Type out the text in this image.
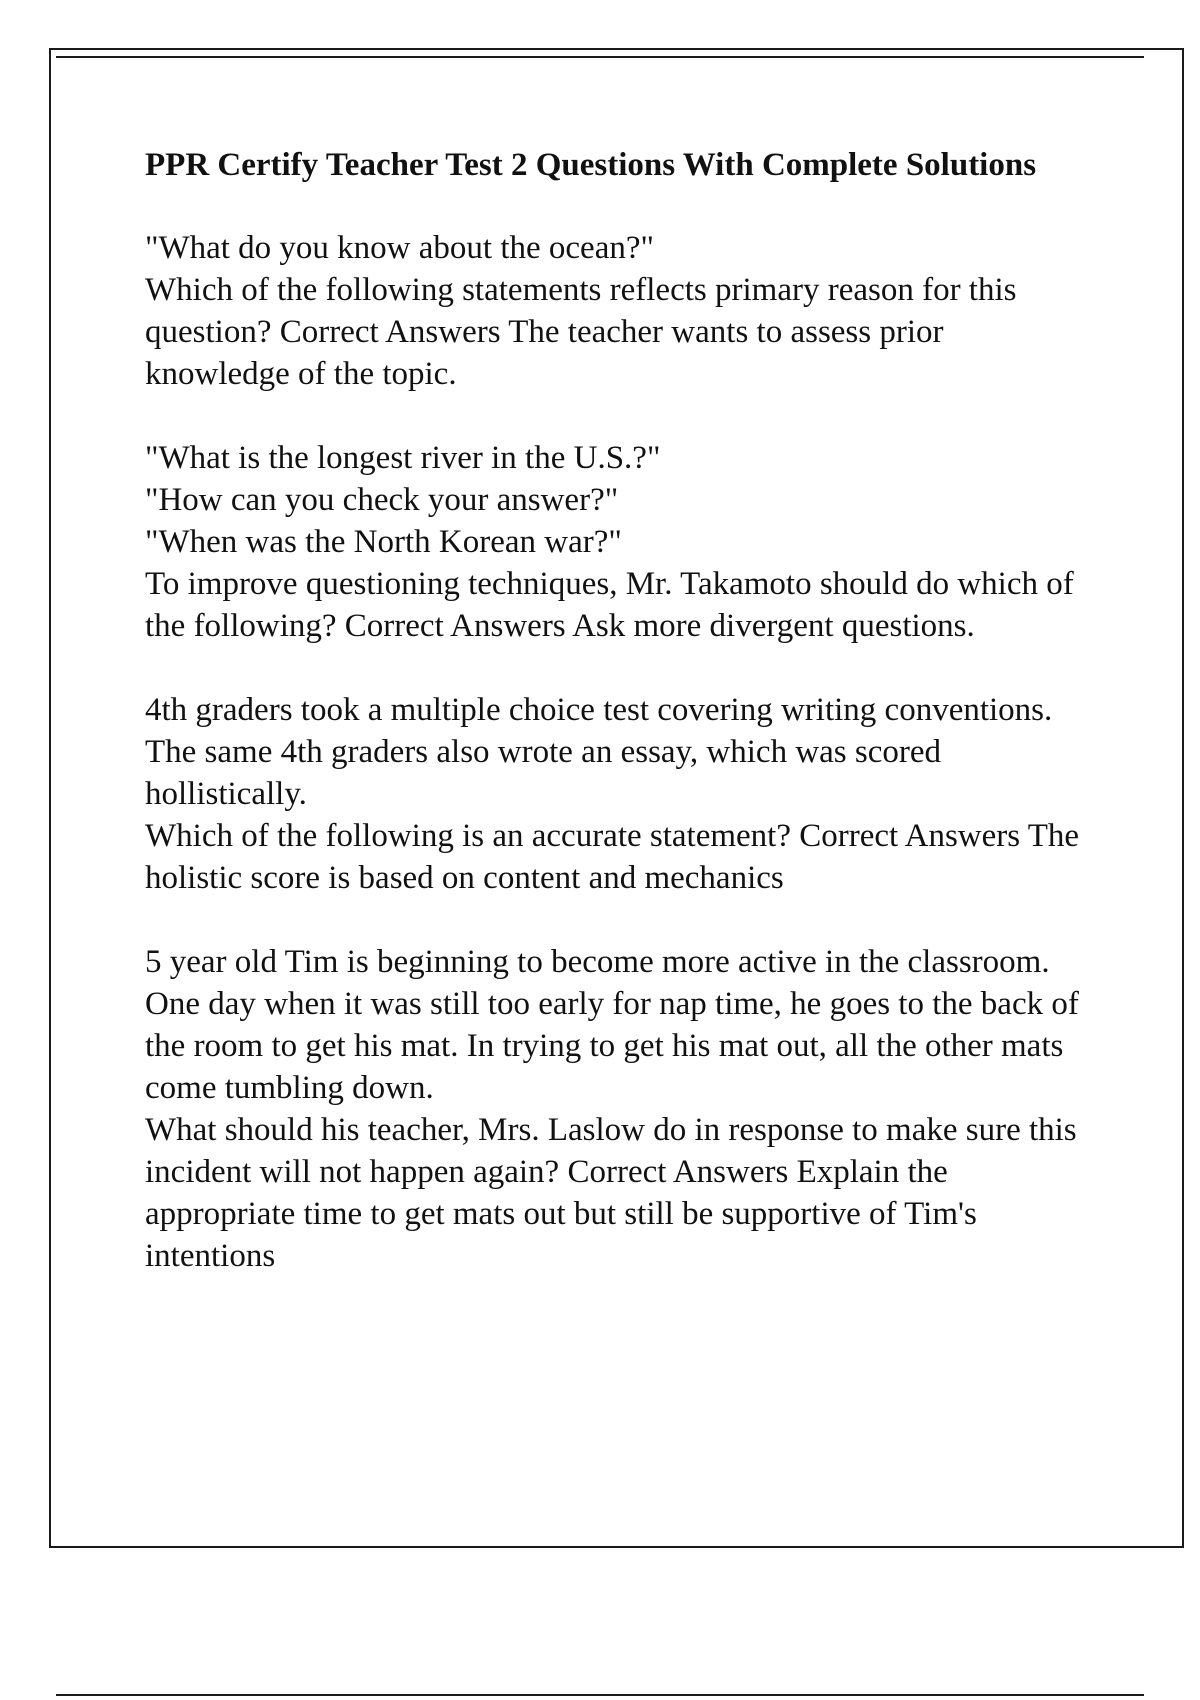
PPR Certify Teacher Test 2 Questions With Complete Solutions

"What do you know about the ocean?"

Which of the following statements reflects primary reason for this question? Correct Answers The teacher wants to assess prior knowledge of the topic.

"What is the longest river in the U.S.?"

"How can you check your answer?"

"When was the North Korean war?"

To improve questioning techniques, Mr. Takamoto should do which of the following? Correct Answers Ask more divergent questions.

4th graders took a multiple choice test covering writing conventions. The same 4th graders also wrote an essay, which was scored hollistically.

Which of the following is an accurate statement? Correct Answers The holistic score is based on content and mechanics

5 year old Tim is beginning to become more active in the classroom. One day when it was still too early for nap time, he goes to the back of the room to get his mat. In trying to get his mat out, all the other mats come tumbling down.

What should his teacher, Mrs. Laslow do in response to make sure this incident will not happen again? Correct Answers Explain the appropriate time to get mats out but still be supportive of Tim's intentions
